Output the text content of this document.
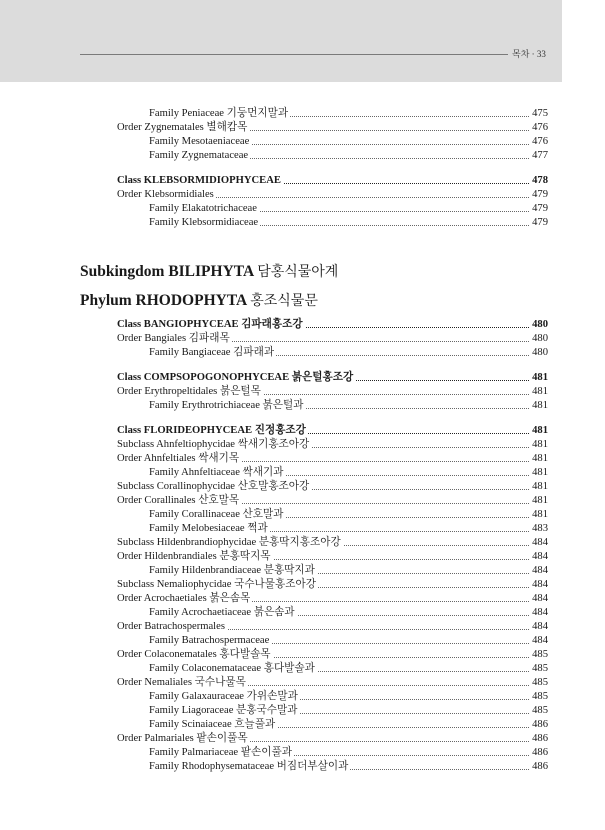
목차 · 33
Subkingdom BILIPHYTA 담홍식물아계
Phylum RHODOPHYTA 홍조식물문
Family Peniaceae 기둥먼지말과	475
Order Zygnematales 별해캄목	476
Family Mesotaeniaceae	476
Family Zygnemataceae	477
Class KLEBSORMIDIOPHYCEAE	478
Order Klebsormidiales	479
Family Elakatotrichaceae	479
Family Klebsormidiaceae	479
Class BANGIOPHYCEAE 김파래홍조강	480
Order Bangiales 김파래목	480
Family Bangiaceae 김파래과	480
Class COMPSOPOGONOPHYCEAE 붉은털홍조강	481
Order Erythropeltidales 붉은털목	481
Family Erythrotrichiaceae 붉은털과	481
Class FLORIDEOPHYCEAE 진정홍조강	481
Subclass Ahnfeltiophycidae 싹새기홍조아강	481
Order Ahnfeltiales 싹새기목	481
Family Ahnfeltiaceae 싹새기과	481
Subclass Corallinophycidae 산호말홍조아강	481
Order Corallinales 산호말목	481
Family Corallinaceae 산호말과	481
Family Melobesiaceae 쩍과	483
Subclass Hildenbrandiophycidae 분홍딱지홍조아강	484
Order Hildenbrandiales 분홍딱지목	484
Family Hildenbrandiaceae 분홍딱지과	484
Subclass Nemaliophycidae 국수나물홍조아강	484
Order Acrochaetiales 붉은솜목	484
Family Acrochaetiaceae 붉은솜과	484
Order Batrachospermales	484
Family Batrachospermaceae	484
Order Colaconematales 홍다발솔목	485
Family Colaconemataceae 홍다발솔과	485
Order Nemaliales 국수나물목	485
Family Galaxauraceae 가위손말과	485
Family Liagoraceae 분홍국수말과	485
Family Scinaiaceae 흐늘풀과	486
Order Palmariales 팥손이풀목	486
Family Palmariaceae 팥손이풀과	486
Family Rhodophysemataceae 버짐더부살이과	486
